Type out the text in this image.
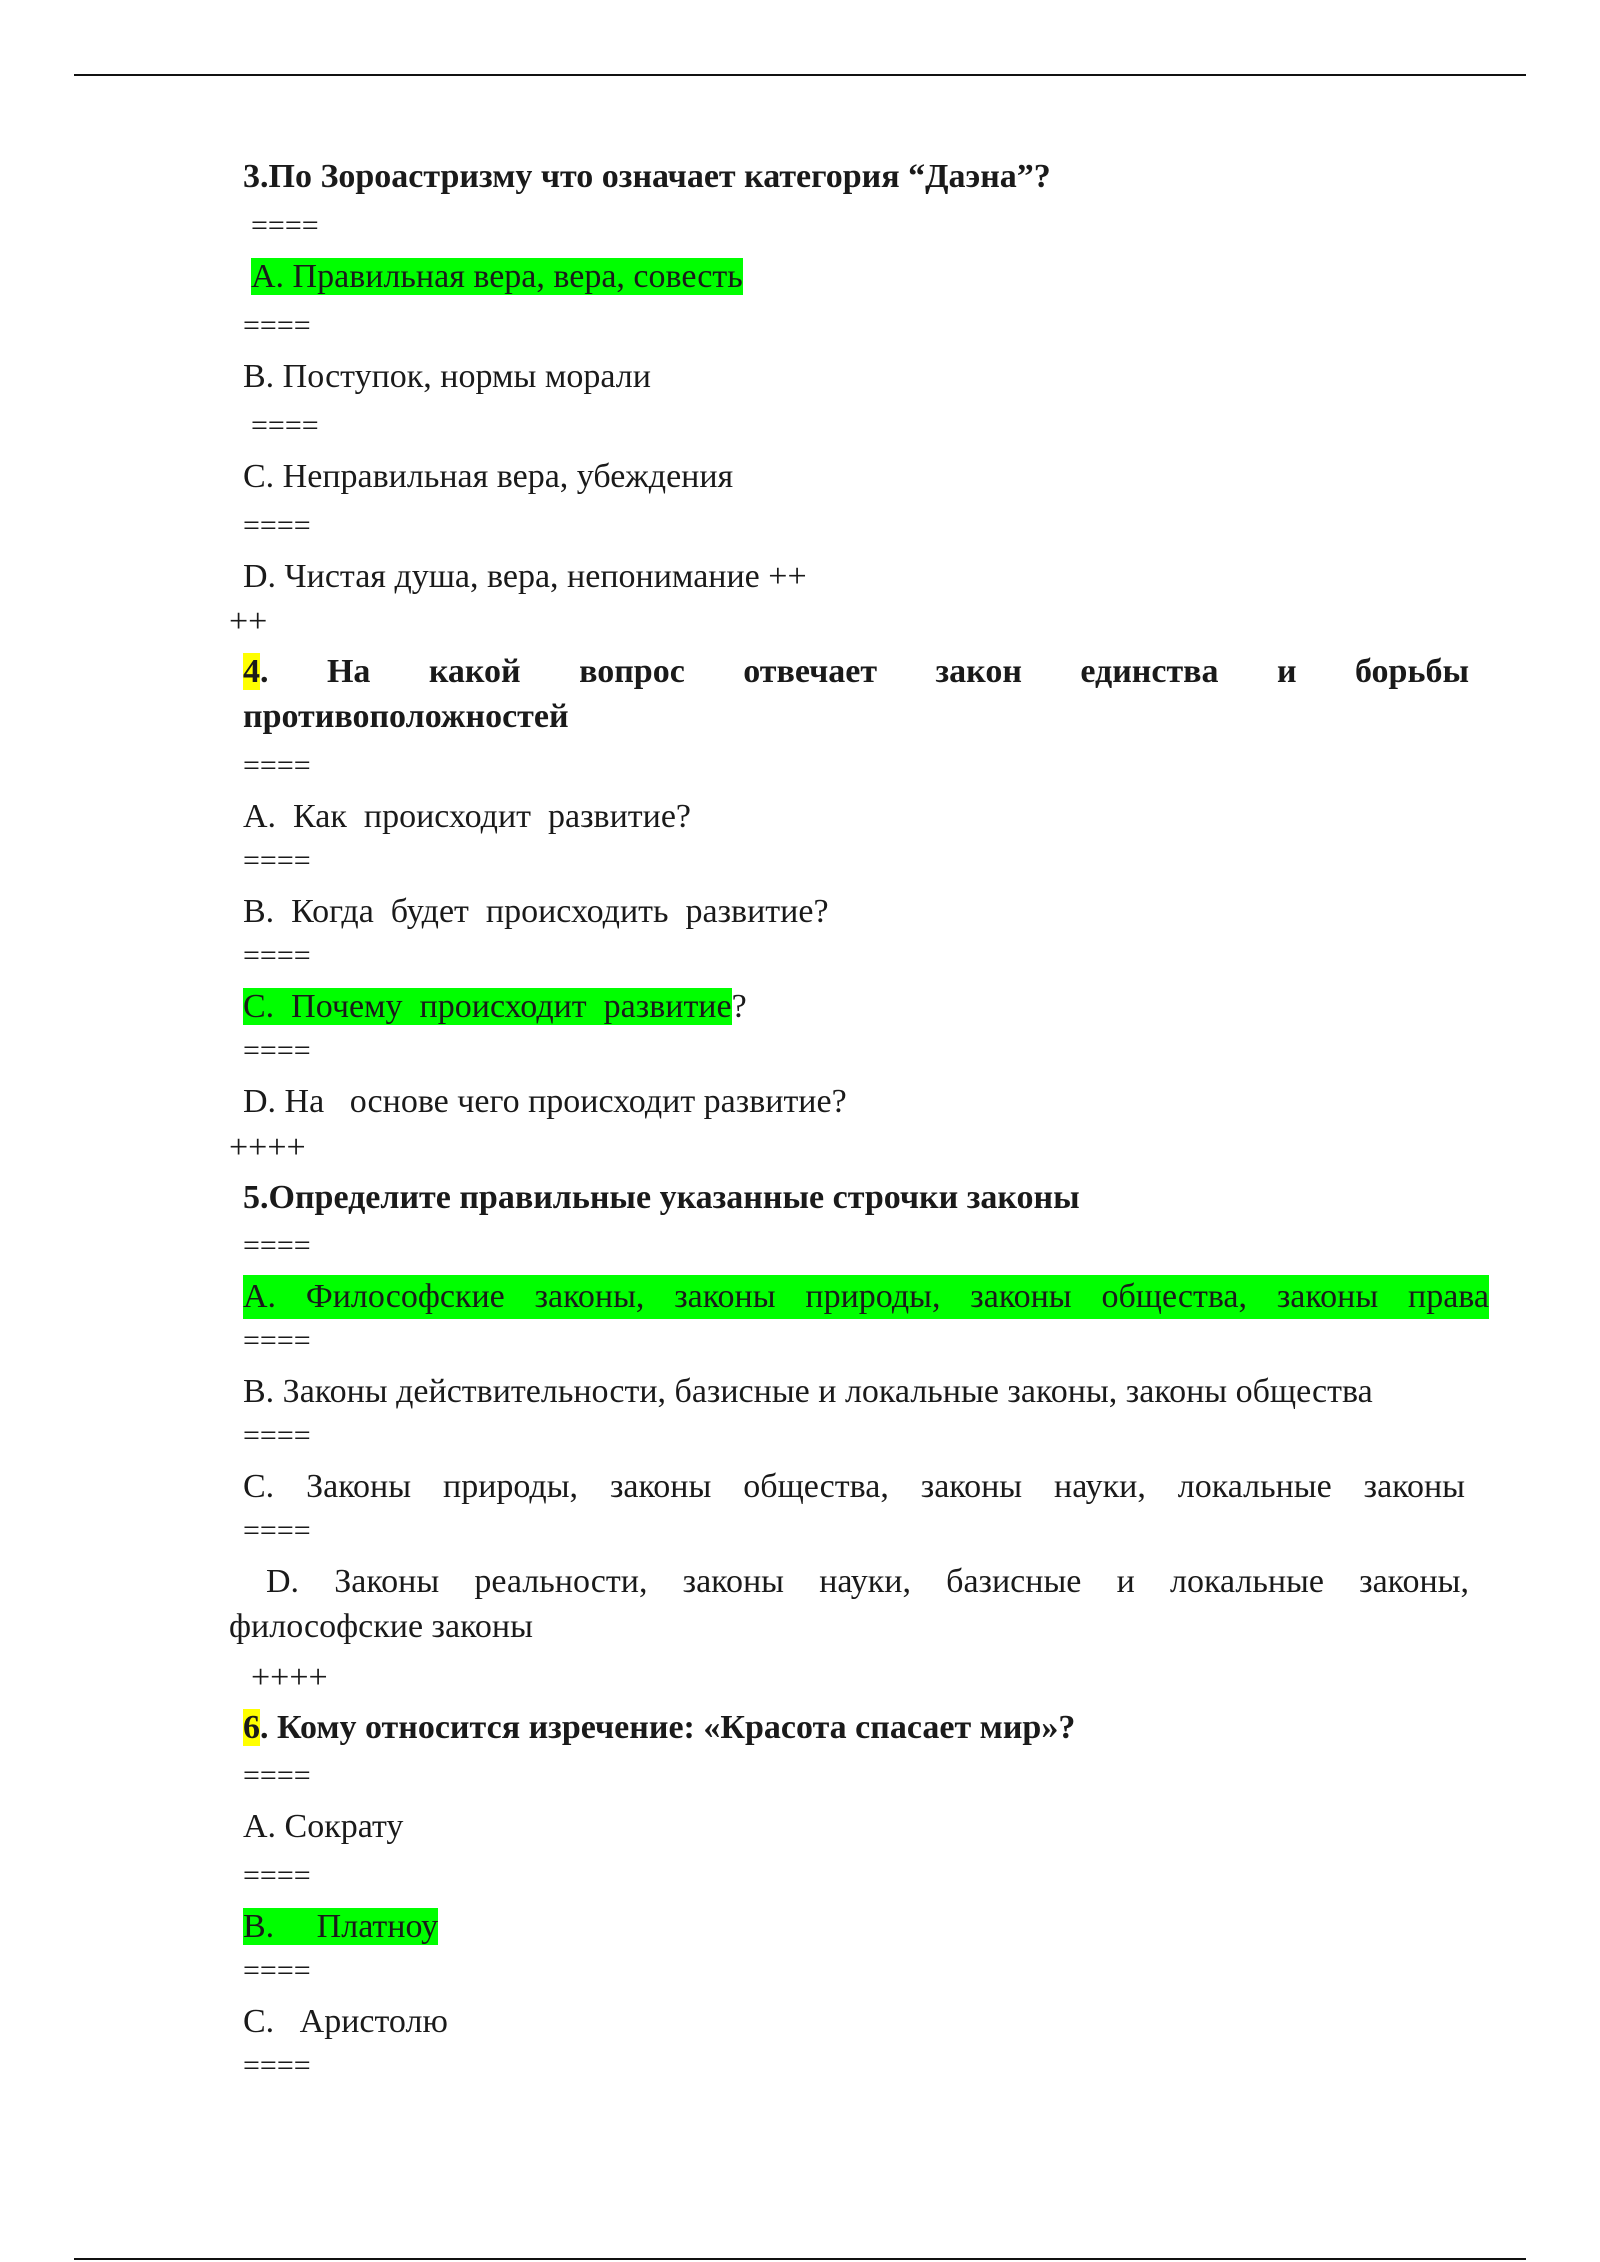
3.По Зороастризму что означает категория “Даэна”?
====
А. Правильная вера, вера, совесть
====
В. Поступок, нормы морали
====
С. Неправильная вера, убеждения
====
D. Чистая душа, вера, непонимание ++
++
4. На какой вопрос отвечает закон единства и борьбы
противоположностей
====
А.  Как  происходит  развитие?
====
В.  Когда  будет  происходить  развитие?
====
С.  Почему  происходит  развитие?
====
D. На   основе чего происходит развитие?
++++
5.Определите правильные указанные строчки законы
====
А. Философские законы, законы природы, законы общества, законы права
====
В. Законы действительности, базисные и локальные законы, законы общества
====
С. Законы природы, законы общества, законы науки, локальные законы
====
D. Законы реальности, законы науки, базисные и локальные законы,
философские законы
++++
6. Кому относится изречение: «Красота спасает мир»?
====
А. Сократу
====
В.     Платноу
====
С.   Аристолю
====
